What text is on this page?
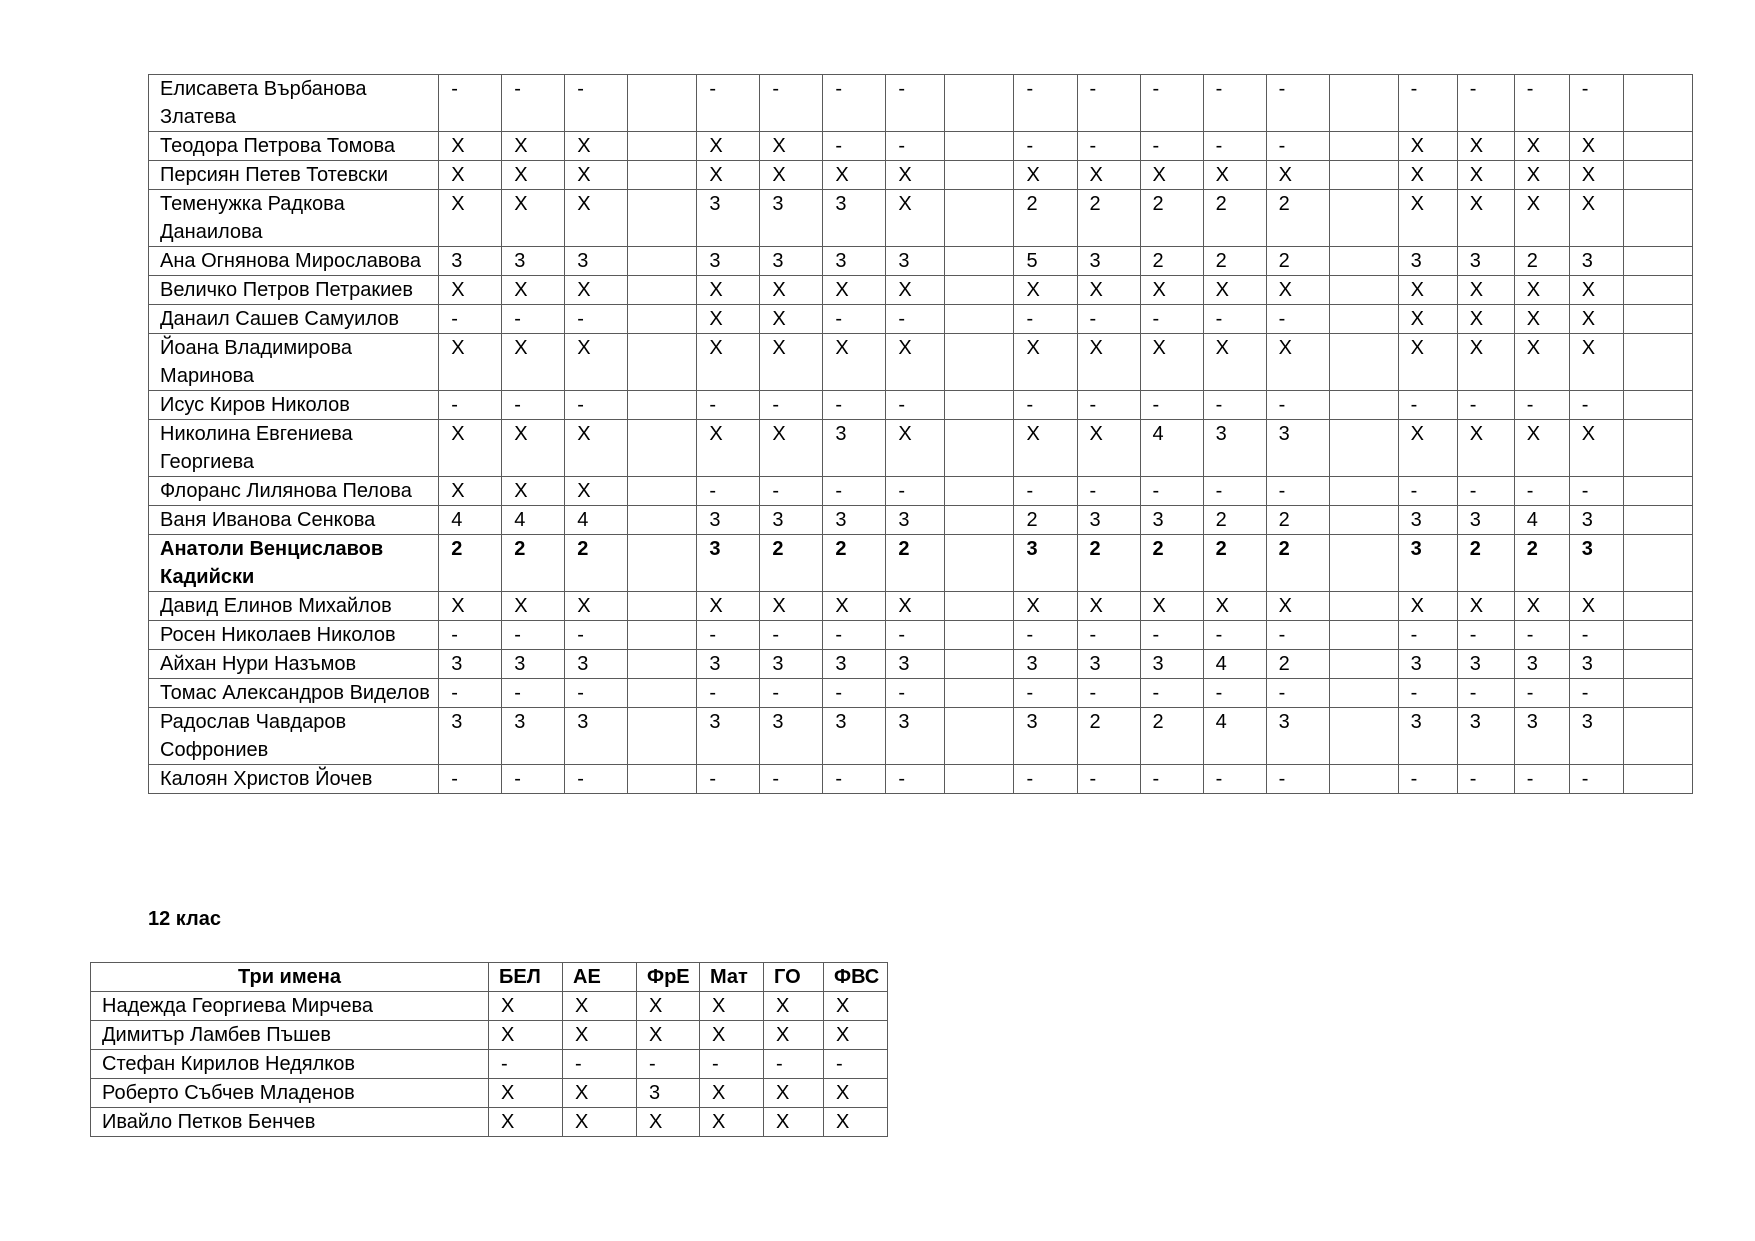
Елисавета Върбанова Златева	-	-	-		-	-	-	-		-	-	-	-	-		-	-	-	-	
Теодора Петрова Томова	X	X	X		X	X	-	-		-	-	-	-	-		X	X	X	X	
Персиян Петев Тотевски	X	X	X		X	X	X	X		X	X	X	X	X		X	X	X	X	
Теменужка Радкова Данаилова	X	X	X		3	3	3	X		2	2	2	2	2		X	X	X	X	
Ана Огнянова Мирославова	3	3	3		3	3	3	3		5	3	2	2	2		3	3	2	3	
Величко Петров Петракиев	X	X	X		X	X	X	X		X	X	X	X	X		X	X	X	X	
Данаил Сашев Самуилов	-	-	-		X	X	-	-		-	-	-	-	-		X	X	X	X	
Йоана Владимирова Маринова	X	X	X		X	X	X	X		X	X	X	X	X		X	X	X	X	
Исус Киров Николов	-	-	-		-	-	-	-		-	-	-	-	-		-	-	-	-	
Николина Евгениева Георгиева	X	X	X		X	X	3	X		X	X	4	3	3		X	X	X	X	
Флоранс Лилянова Пелова	X	X	X		-	-	-	-		-	-	-	-	-		-	-	-	-	
Ваня Иванова Сенкова	4	4	4		3	3	3	3		2	3	3	2	2		3	3	4	3	
Анатоли Венциславов Кадийски	2	2	2		3	2	2	2		3	2	2	2	2		3	2	2	3	
Давид Елинов Михайлов	X	X	X		X	X	X	X		X	X	X	X	X		X	X	X	X	
Росен Николаев Николов	-	-	-		-	-	-	-		-	-	-	-	-		-	-	-	-	
Айхан Нури Назъмов	3	3	3		3	3	3	3		3	3	3	4	2		3	3	3	3	
Томас Александров Виделов	-	-	-		-	-	-	-		-	-	-	-	-		-	-	-	-	
Радослав Чавдаров Софрониев	3	3	3		3	3	3	3		3	2	2	4	3		3	3	3	3	
Калоян Христов Йочев	-	-	-		-	-	-	-		-	-	-	-	-		-	-	-	-	
12 клас
Три имена	БЕЛ	АЕ	ФрЕ	Мат	ГО	ФВС
Надежда Георгиева Мирчева	X	X	X	X	X	X
Димитър Ламбев Пъшев	X	X	X	X	X	X
Стефан Кирилов Недялков	-	-	-	-	-	-
Роберто Събчев Младенов	X	X	3	X	X	X
Ивайло Петков Бенчев	X	X	X	X	X	X
